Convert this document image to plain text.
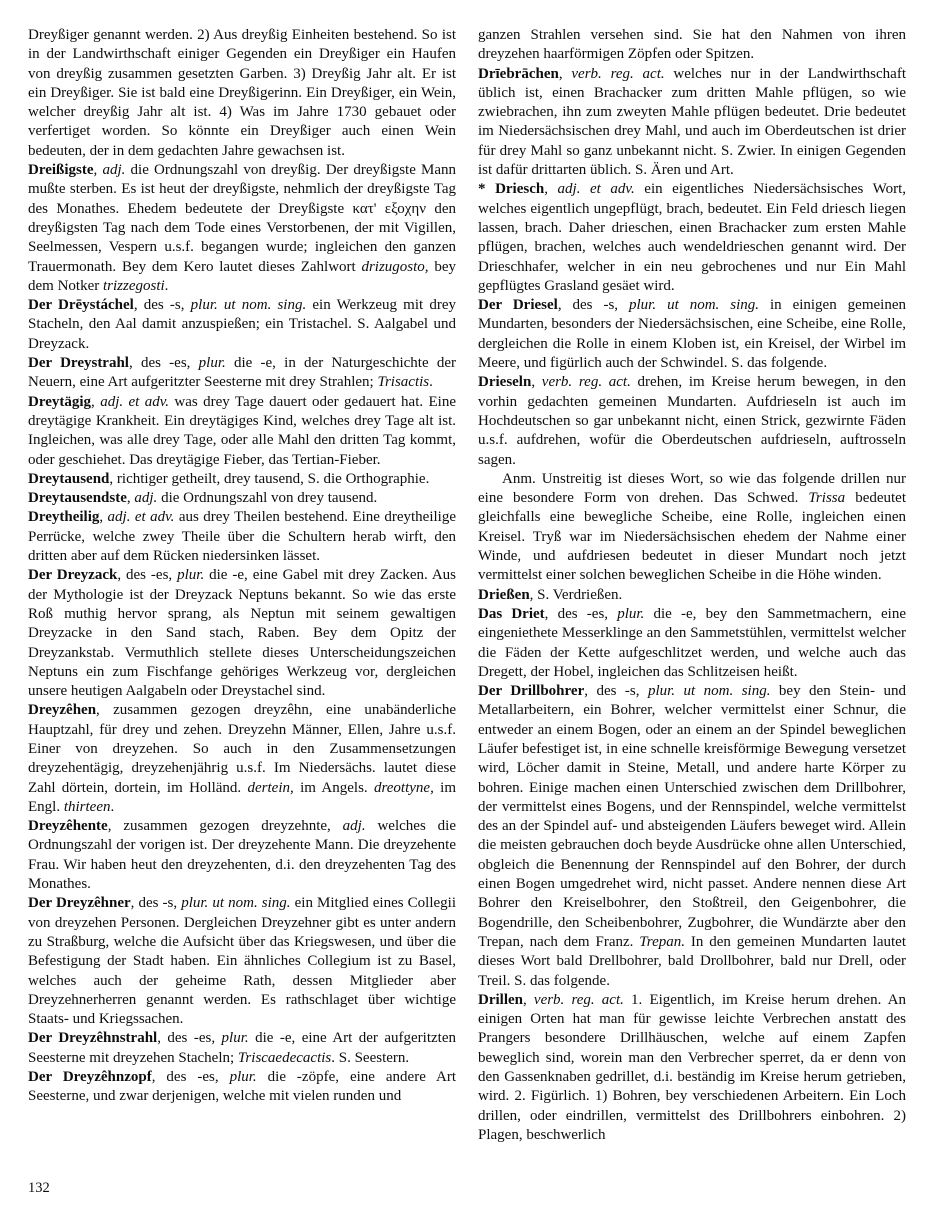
Dreyßiger genannt werden. 2) Aus dreyßig Einheiten bestehend. So ist in der Landwirthschaft einiger Gegenden ein Dreyßiger ein Haufen von dreyßig zusammen gesetzten Garben. 3) Dreyßig Jahr alt. Er ist ein Dreyßiger. Sie ist bald eine Dreyßigerinn. Ein Dreyßiger, ein Wein, welcher dreyßig Jahr alt ist. 4) Was im Jahre 1730 gebauet oder verfertiget worden. So könnte ein Dreyßiger auch einen Wein bedeuten, der in dem gedachten Jahre gewachsen ist.

Dreißigste, adj. die Ordnungszahl von dreyßig. Der dreyßigste Mann mußte sterben. Es ist heut der dreyßigste, nehmlich der dreyßigste Tag des Monathes. Ehedem bedeutete der Dreyßigste κατ' εξοχην den dreyßigsten Tag nach dem Tode eines Verstorbenen, der mit Vigillen, Seelmessen, Vespern u.s.f. begangen wurde; ingleichen den ganzen Trauermonath. Bey dem Kero lautet dieses Zahlwort drizugosto, bey dem Notker trizzegosti.

Der Drēystáchel, des -s, plur. ut nom. sing. ein Werkzeug mit drey Stacheln, den Aal damit anzuspießen; ein Tristachel. S. Aalgabel und Dreyzack.

Der Dreystrahl, des -es, plur. die -e, in der Naturgeschichte der Neuern, eine Art aufgeritzter Seesterne mit drey Strahlen; Trisactis.

Dreytägig, adj. et adv. was drey Tage dauert oder gedauert hat. Eine dreytägige Krankheit. Ein dreytägiges Kind, welches drey Tage alt ist. Ingleichen, was alle drey Tage, oder alle Mahl den dritten Tag kommt, oder geschiehet. Das dreytägige Fieber, das Tertian-Fieber.

Dreytausend, richtiger getheilt, drey tausend, S. die Orthographie.

Dreytausendste, adj. die Ordnungszahl von drey tausend.

Dreytheilig, adj. et adv. aus drey Theilen bestehend. Eine dreytheilige Perrücke, welche zwey Theile über die Schultern herab wirft, den dritten aber auf dem Rücken niedersinken lässet.

Der Dreyzack, des -es, plur. die -e, eine Gabel mit drey Zacken. Aus der Mythologie ist der Dreyzack Neptuns bekannt. So wie das erste Roß muthig hervor sprang, als Neptun mit seinem gewaltigen Dreyzacke in den Sand stach, Raben. Bey dem Opitz der Dreyzankstab. Vermuthlich stellete dieses Unterscheidungszeichen Neptuns ein zum Fischfange gehöriges Werkzeug vor, dergleichen unsere heutigen Aalgabeln oder Dreystachel sind.

Dreyzêhen, zusammen gezogen dreyzêhn, eine unabänderliche Hauptzahl, für drey und zehen. Dreyzehn Männer, Ellen, Jahre u.s.f. Einer von dreyzehen. So auch in den Zusammensetzungen dreyzehentägig, dreyzehenjährig u.s.f. Im Niedersächs. lautet diese Zahl dörtein, dortein, im Holländ. dertein, im Angels. dreottyne, im Engl. thirteen.

Dreyzêhente, zusammen gezogen dreyzehnte, adj. welches die Ordnungszahl der vorigen ist. Der dreyzehente Mann. Die dreyzehente Frau. Wir haben heut den dreyzehenten, d.i. den dreyzehenten Tag des Monathes.

Der Dreyzêhner, des -s, plur. ut nom. sing. ein Mitglied eines Collegii von dreyzehen Personen. Dergleichen Dreyzehner gibt es unter andern zu Straßburg, welche die Aufsicht über das Kriegswesen, und über die Befestigung der Stadt haben. Ein ähnliches Collegium ist zu Basel, welches auch der geheime Rath, dessen Mitglieder aber Dreyzehnerherren genannt werden. Es rathschlaget über wichtige Staats- und Kriegssachen.

Der Dreyzêhnstrahl, des -es, plur. die -e, eine Art der aufgeritzten Seesterne mit dreyzehen Stacheln; Triscaedecactis. S. Seestern.

Der Dreyzêhnzopf, des -es, plur. die -zöpfe, eine andere Art Seesterne, und zwar derjenigen, welche mit vielen runden und

ganzen Strahlen versehen sind. Sie hat den Nahmen von ihren dreyzehen haarförmigen Zöpfen oder Spitzen.

Drīebrāchen, verb. reg. act. welches nur in der Landwirthschaft üblich ist, einen Brachacker zum dritten Mahle pflügen, so wie zwiebrachen, ihn zum zweyten Mahle pflügen bedeutet. Drie bedeutet im Niedersächsischen drey Mahl, und auch im Oberdeutschen ist drier für drey Mahl so ganz unbekannt nicht. S. Zwier. In einigen Gegenden ist dafür drittarten üblich. S. Ären und Art.

* Driesch, adj. et adv. ein eigentliches Niedersächsisches Wort, welches eigentlich ungepflügt, brach, bedeutet. Ein Feld driesch liegen lassen, brach. Daher drieschen, einen Brachacker zum ersten Mahle pflügen, brachen, welches auch wendeldrieschen genannt wird. Der Drieschhafer, welcher in ein neu gebrochenes und nur Ein Mahl gepflügtes Grasland gesäet wird.

Der Driesel, des -s, plur. ut nom. sing. in einigen gemeinen Mundarten, besonders der Niedersächsischen, eine Scheibe, eine Rolle, dergleichen die Rolle in einem Kloben ist, ein Kreisel, der Wirbel im Meere, und figürlich auch der Schwindel. S. das folgende.

Drieseln, verb. reg. act. drehen, im Kreise herum bewegen, in den vorhin gedachten gemeinen Mundarten. Aufdrieseln ist auch im Hochdeutschen so gar unbekannt nicht, einen Strick, gezwirnte Fäden u.s.f. aufdrehen, wofür die Oberdeutschen aufdrieseln, auftrosseln sagen.

Anm. Unstreitig ist dieses Wort, so wie das folgende drillen nur eine besondere Form von drehen. Das Schwed. Trissa bedeutet gleichfalls eine bewegliche Scheibe, eine Rolle, ingleichen einen Kreisel. Tryß war im Niedersächsischen ehedem der Nahme einer Winde, und aufdriesen bedeutet in dieser Mundart noch jetzt vermittelst einer solchen beweglichen Scheibe in die Höhe winden.

Drießen, S. Verdrießen.

Das Driet, des -es, plur. die -e, bey den Sammetmachern, eine eingeniethete Messerklinge an den Sammetstühlen, vermittelst welcher die Fäden der Kette aufgeschlitzet werden, und welche auch das Dregett, der Hobel, ingleichen das Schlitzeisen heißt.

Der Drillbohrer, des -s, plur. ut nom. sing. bey den Stein- und Metallarbeitern, ein Bohrer, welcher vermittelst einer Schnur, die entweder an einem Bogen, oder an einem an der Spindel beweglichen Läufer befestiget ist, in eine schnelle kreisförmige Bewegung versetzet wird, Löcher damit in Steine, Metall, und andere harte Körper zu bohren. Einige machen einen Unterschied zwischen dem Drillbohrer, der vermittelst eines Bogens, und der Rennspindel, welche vermittelst des an der Spindel auf- und absteigenden Läufers beweget wird. Allein die meisten gebrauchen doch beyde Ausdrücke ohne allen Unterschied, obgleich die Benennung der Rennspindel auf den Bohrer, der durch einen Bogen umgedrehet wird, nicht passet. Andere nennen diese Art Bohrer den Kreiselbohrer, den Stoßtreil, den Geigenbohrer, die Bogendrille, den Scheibenbohrer, Zugbohrer, die Wundärzte aber den Trepan, nach dem Franz. Trepan. In den gemeinen Mundarten lautet dieses Wort bald Drellbohrer, bald Drollbohrer, bald nur Drell, oder Treil. S. das folgende.

Drillen, verb. reg. act. 1. Eigentlich, im Kreise herum drehen. An einigen Orten hat man für gewisse leichte Verbrechen anstatt des Prangers besondere Drillhäuschen, welche auf einem Zapfen beweglich sind, worein man den Verbrecher sperret, da er denn von den Gassenknaben gedrillet, d.i. beständig im Kreise herum getrieben, wird. 2. Figürlich. 1) Bohren, bey verschiedenen Arbeitern. Ein Loch drillen, oder eindrillen, vermittelst des Drillbohrers einbohren. 2) Plagen, beschwerlich

132
